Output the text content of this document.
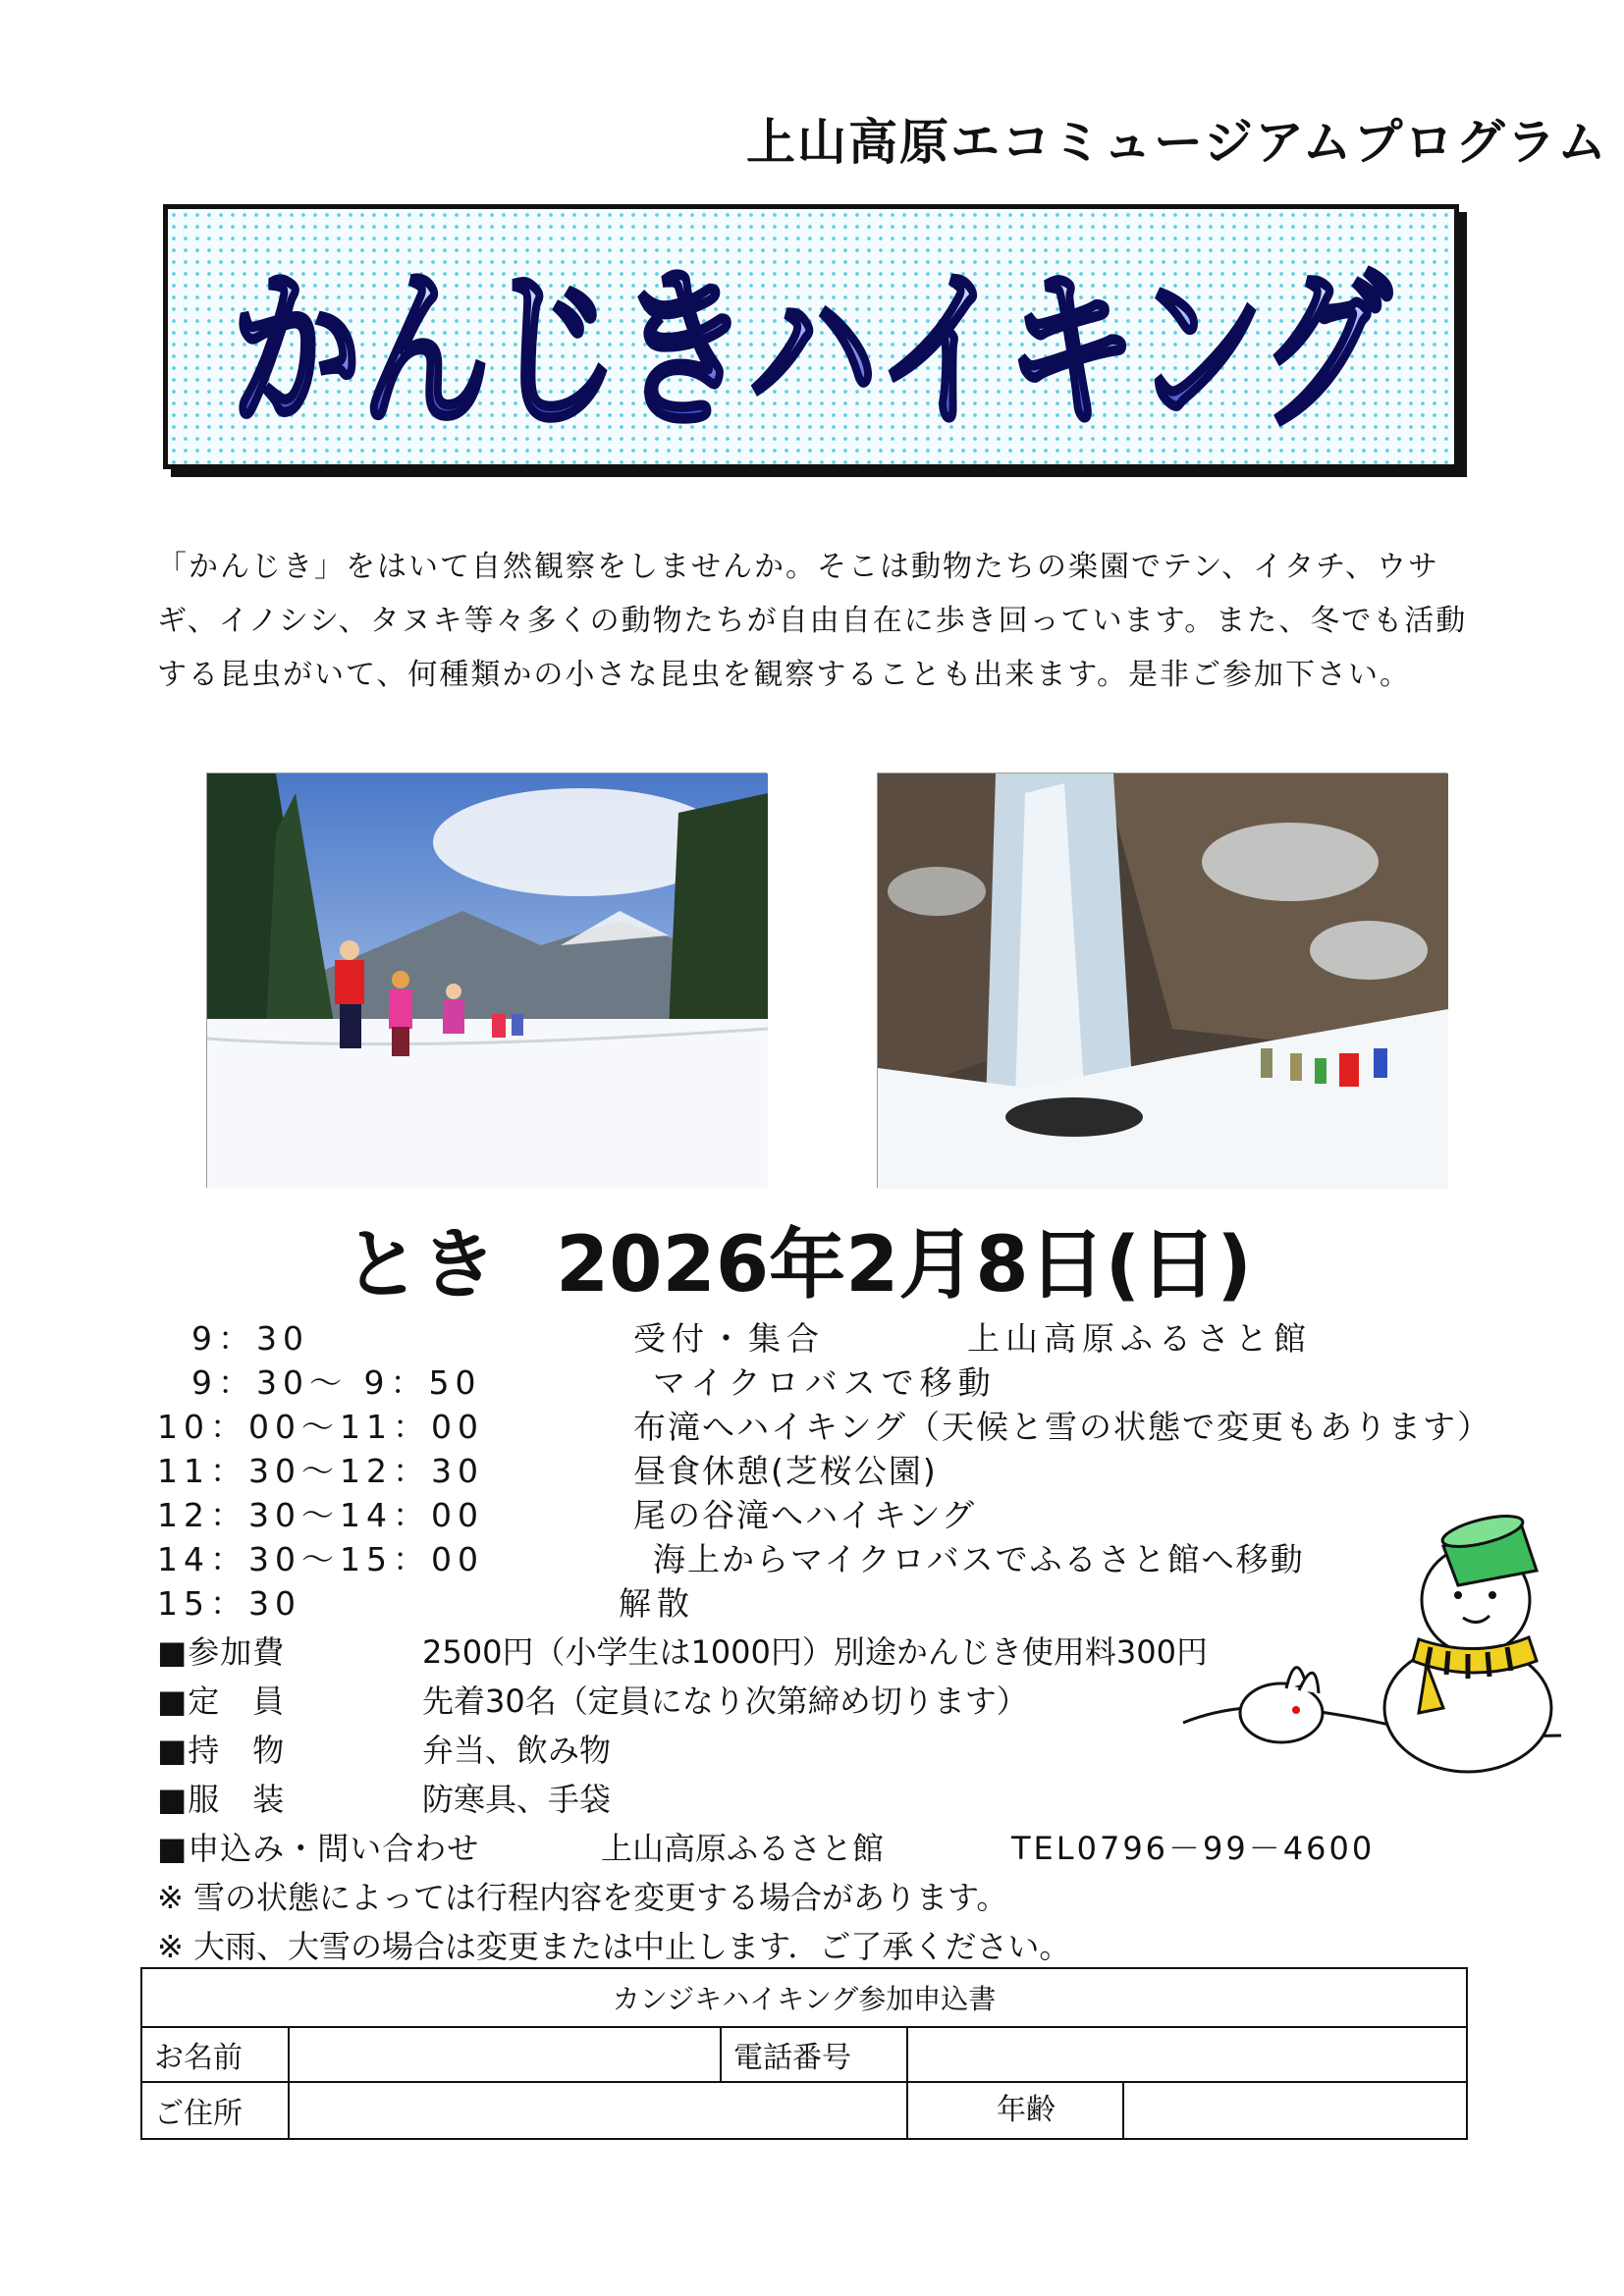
上山高原エコミュージアムプログラム
かんじきハイキング
「かんじき」をはいて自然観察をしませんか。そこは動物たちの楽園でテン、イタチ、ウサギ、イノシシ、タヌキ等々多くの動物たちが自由自在に歩き回っています。また、冬でも活動する昆虫がいて、何種類かの小さな昆虫を観察することも出来ます。是非ご参加下さい。
とき 2026年2月8日(日)
9：30	受付・集合	上山高原ふるさと館
9：30～ 9：50	マイクロバスで移動
10：00～11：00	布滝へハイキング（天候と雪の状態で変更もあります）
11：30～12：30	昼食休憩(芝桜公園)
12：30～14：00	尾の谷滝へハイキング
14：30～15：00	海上からマイクロバスでふるさと館へ移動
15：30	解散
■参加費	2500円（小学生は1000円）別途かんじき使用料300円
■定　員	先着30名（定員になり次第締め切ります）
■持　物	弁当、飲み物
■服　装	防寒具、手袋
■申込み・問い合わせ	上山高原ふるさと館	TEL0796－99－4600
※ 雪の状態によっては行程内容を変更する場合があります。
※ 大雨、大雪の場合は変更または中止します．ご了承ください。
カンジキハイキング参加申込書			
お名前		電話番号	
ご住所			年齢
